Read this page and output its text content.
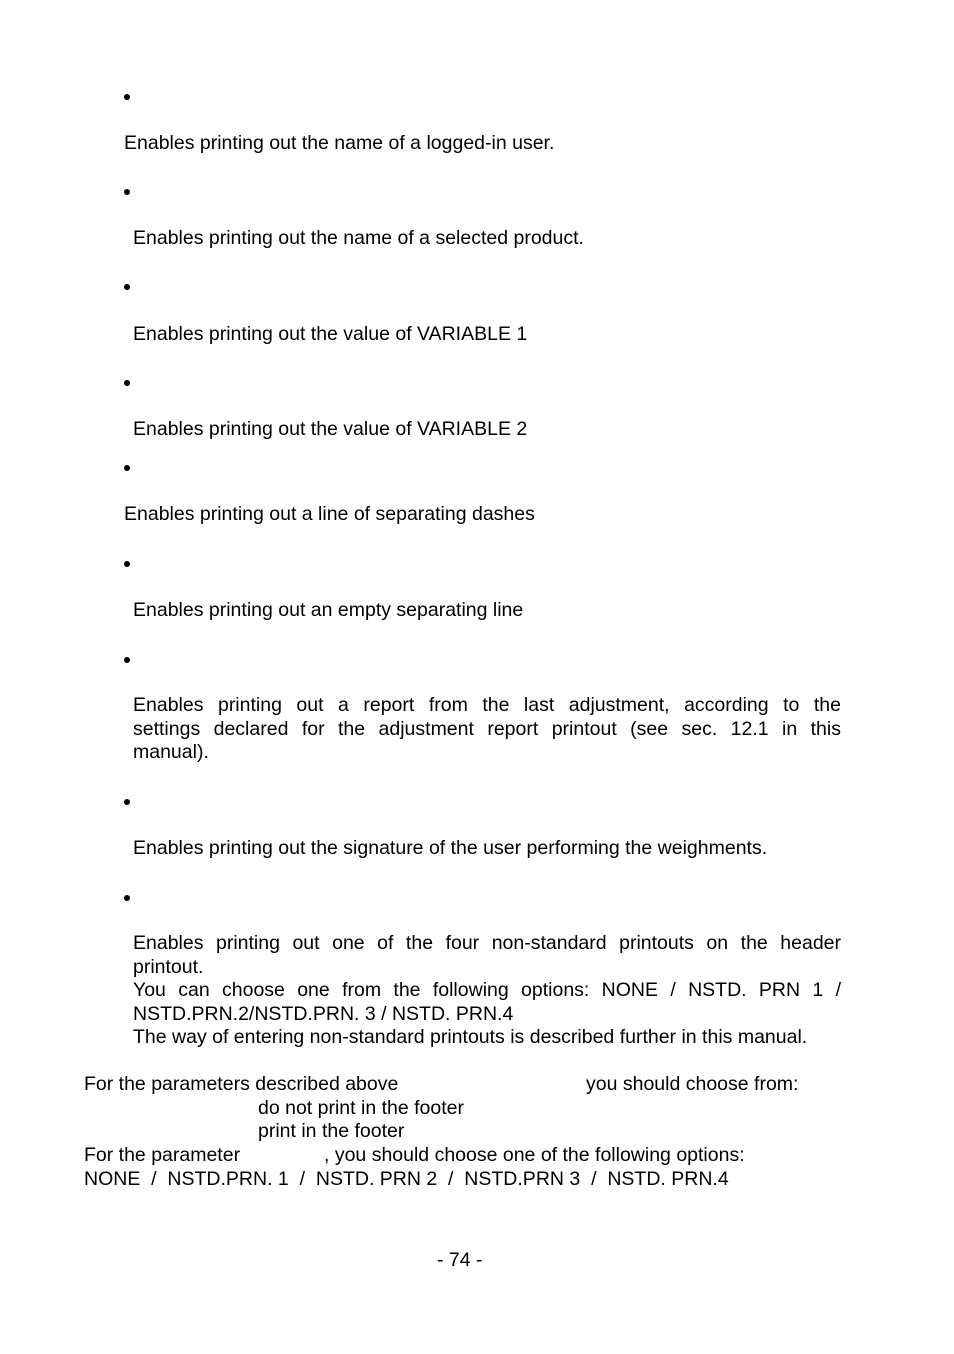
Enables printing out the name of a logged-in user.
Enables printing out the name of a selected product.
Enables printing out the value of VARIABLE 1
Enables printing out the value of VARIABLE 2
Enables printing out a line of separating dashes
Enables printing out an empty separating line
Enables printing out a report from the last adjustment, according to the
settings declared for the adjustment report printout (see sec. 12.1 in this
manual).
Enables printing out the signature of the user performing the weighments.
Enables printing out one of the four non-standard printouts on the header
printout.
You can choose one from the following options: NONE / NSTD. PRN 1 /
NSTD.PRN.2/NSTD.PRN. 3 / NSTD. PRN.4
The way of entering non-standard printouts is described further in this manual.
For the parameters described above	you should choose from:
do not print in the footer
print in the footer
For the parameter	, you should choose one of the following options:
NONE  /  NSTD.PRN. 1  /  NSTD. PRN 2  /  NSTD.PRN 3  /  NSTD. PRN.4
- 74 -
